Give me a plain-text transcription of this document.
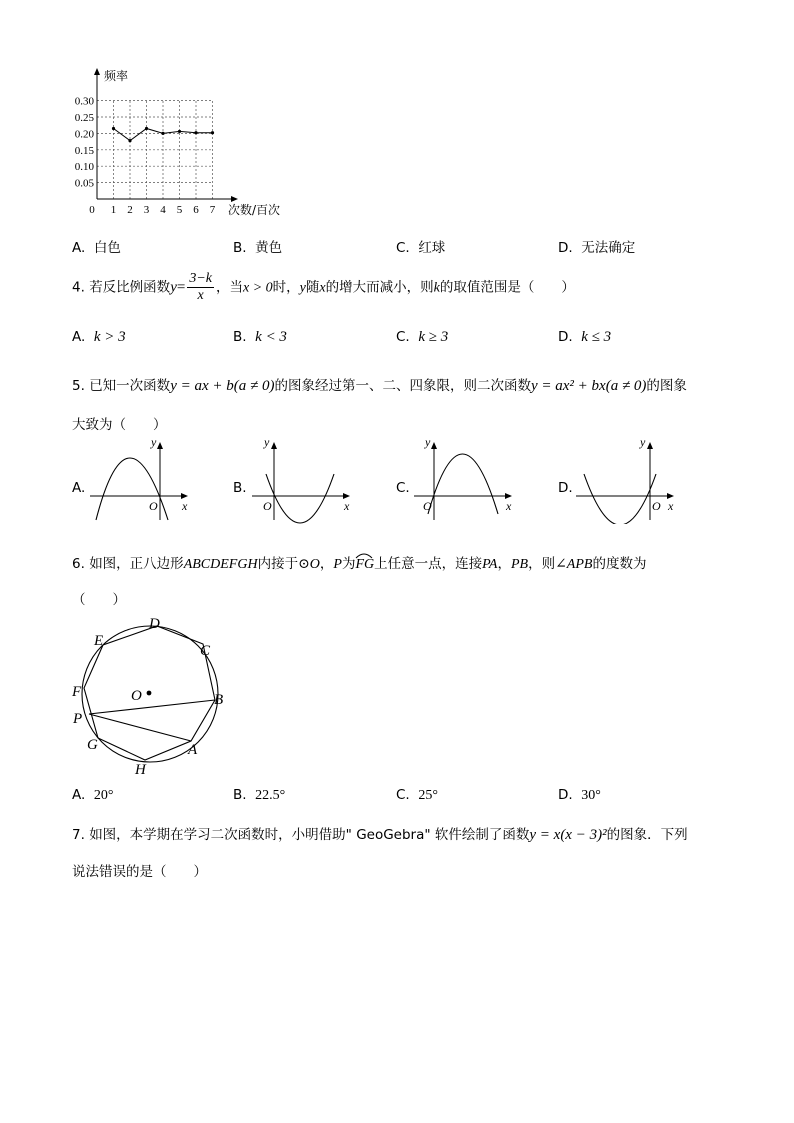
0.30
0.25
0.20
0.15
0.10
0.05
0 1 2 3 4 5 6 7
频率
次数/百次
A. 白色	B. 黄色	C. 红球	D. 无法确定
4. 若反比例函数$y= \frac{3-k}{x}$ ，当x > 0时，y随x的增大而减小，则k的取值范围是（　　）
A. k > 3	B. k < 3	C. k ≥ 3	D. k ≤ 3
5. 已知一次函数y = ax + b(a ≠ 0)的图象经过第一、二、四象限，则二次函数y = ax² + bx(a ≠ 0)的图象
大致为（　　）
A.
y
x
O
B.
y
x
O
C.
y
x
O
D.
y
x
O
6. 如图，正八边形ABCDEFGH内接于⊙O，P为FG
上任意一点，连接PA，PB，则∠APB的度数为
（　　）
D
E
C
F	O	B
P
G	A
H
A. 20°	B. 22.5°	C. 25°	D. 30°
7. 如图，本学期在学习二次函数时，小明借助" GeoGebra" 软件绘制了函数y = x(x − 3)²的图象．下列
说法错误的是（　　）
